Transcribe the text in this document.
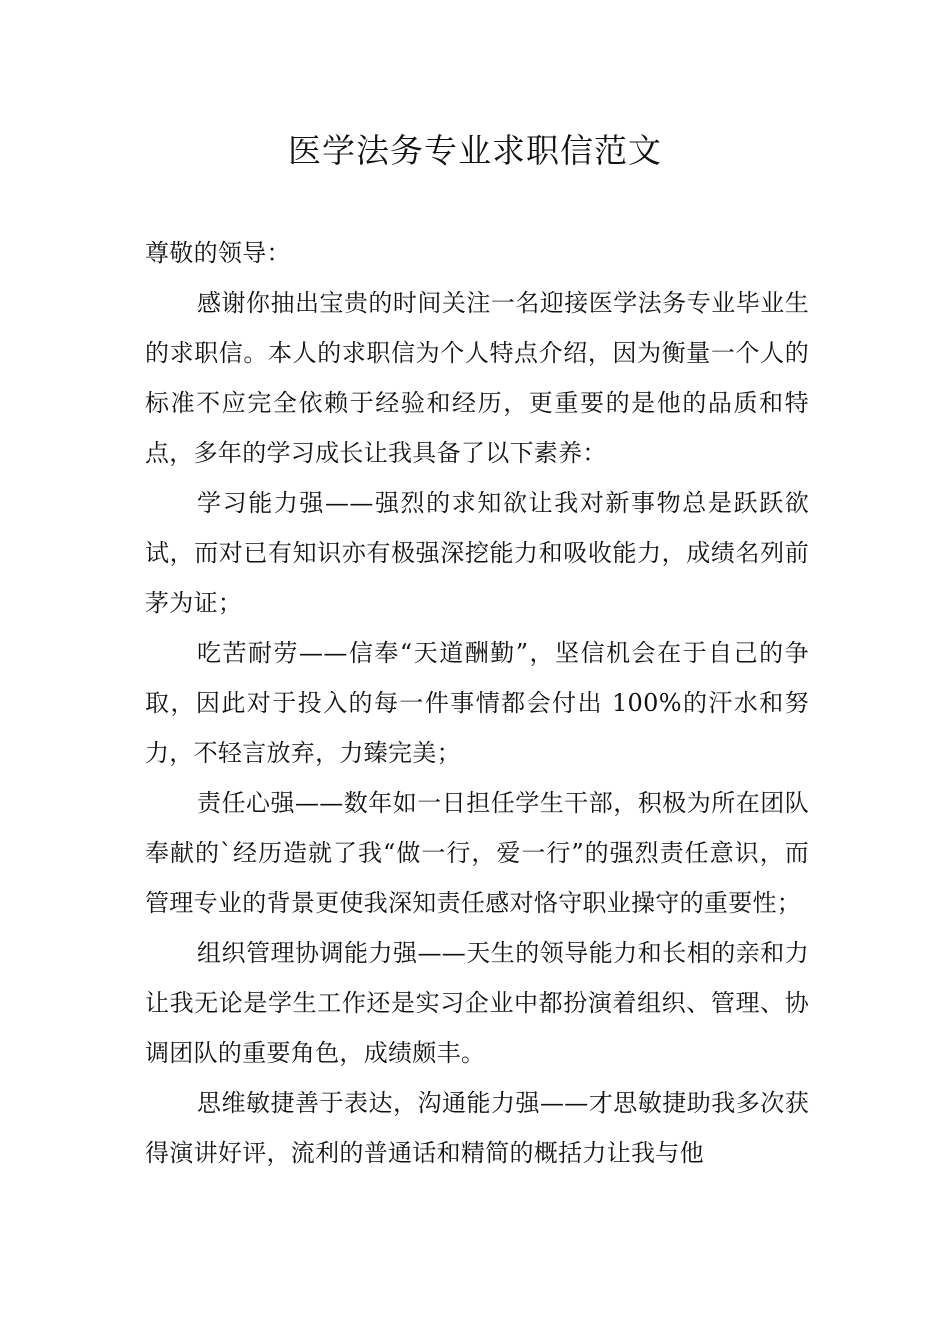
医学法务专业求职信范文

尊敬的领导：

感谢你抽出宝贵的时间关注一名迎接医学法务专业毕业生的求职信。本人的求职信为个人特点介绍，因为衡量一个人的标准不应完全依赖于经验和经历，更重要的是他的品质和特点，多年的学习成长让我具备了以下素养：

学习能力强——强烈的求知欲让我对新事物总是跃跃欲试，而对已有知识亦有极强深挖能力和吸收能力，成绩名列前茅为证；

吃苦耐劳——信奉“天道酬勤”，坚信机会在于自己的争取，因此对于投入的每一件事情都会付出 100%的汗水和努力，不轻言放弃，力臻完美；

责任心强——数年如一日担任学生干部，积极为所在团队奉献的`经历造就了我“做一行，爱一行”的强烈责任意识，而管理专业的背景更使我深知责任感对恪守职业操守的重要性；

组织管理协调能力强——天生的领导能力和长相的亲和力让我无论是学生工作还是实习企业中都扮演着组织、管理、协调团队的重要角色，成绩颇丰。

思维敏捷善于表达，沟通能力强——才思敏捷助我多次获得演讲好评，流利的普通话和精简的概括力让我与他
